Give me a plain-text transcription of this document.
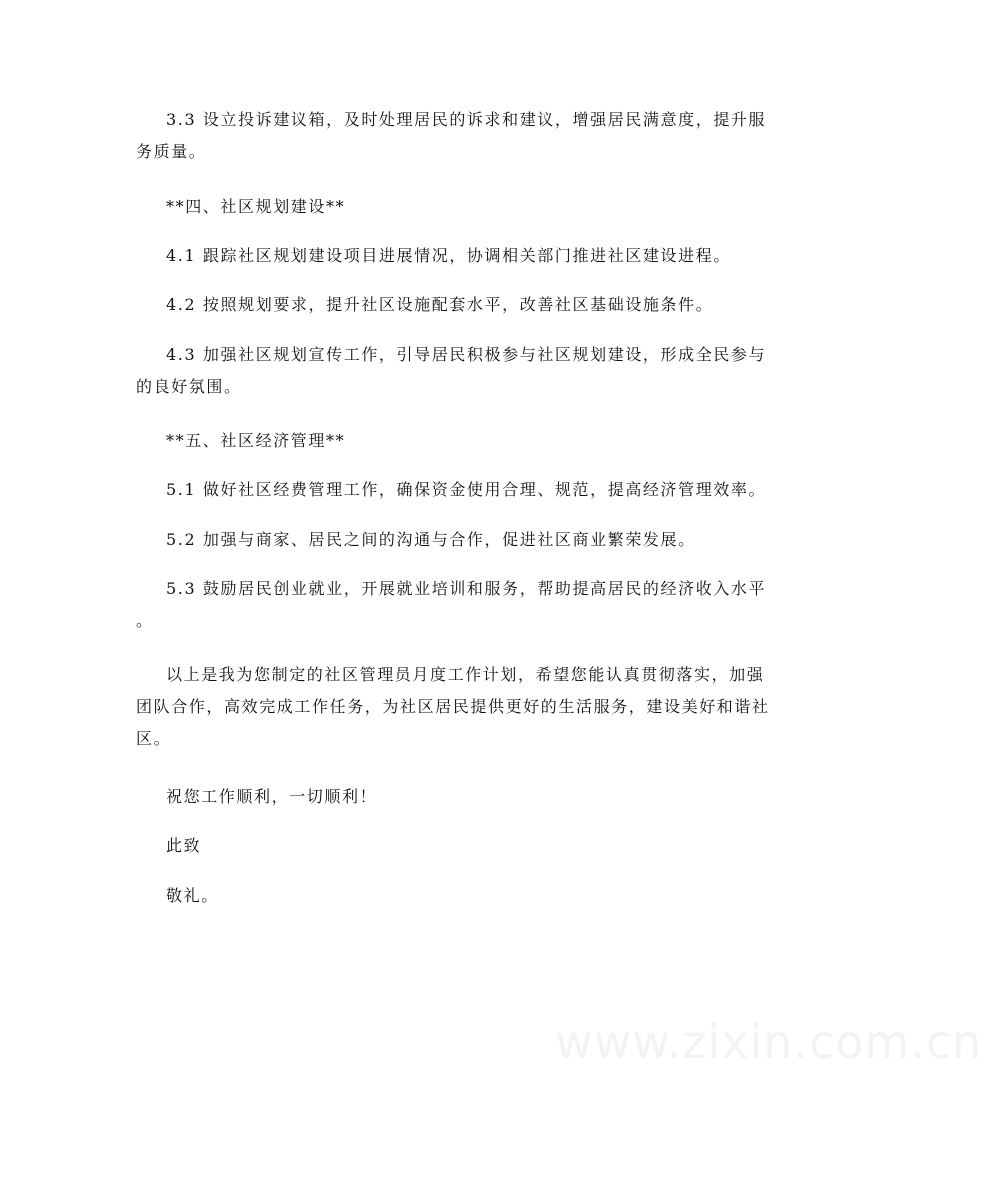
3.3 设立投诉建议箱，及时处理居民的诉求和建议，增强居民满意度，提升服
务质量。

**四、社区规划建设**

4.1 跟踪社区规划建设项目进展情况，协调相关部门推进社区建设进程。

4.2 按照规划要求，提升社区设施配套水平，改善社区基础设施条件。

4.3 加强社区规划宣传工作，引导居民积极参与社区规划建设，形成全民参与
的良好氛围。

**五、社区经济管理**

5.1 做好社区经费管理工作，确保资金使用合理、规范，提高经济管理效率。

5.2 加强与商家、居民之间的沟通与合作，促进社区商业繁荣发展。

5.3 鼓励居民创业就业，开展就业培训和服务，帮助提高居民的经济收入水平
。

以上是我为您制定的社区管理员月度工作计划，希望您能认真贯彻落实，加强
团队合作，高效完成工作任务，为社区居民提供更好的生活服务，建设美好和谐社
区。

祝您工作顺利，一切顺利！

此致

敬礼。

www.zixin.com.cn
